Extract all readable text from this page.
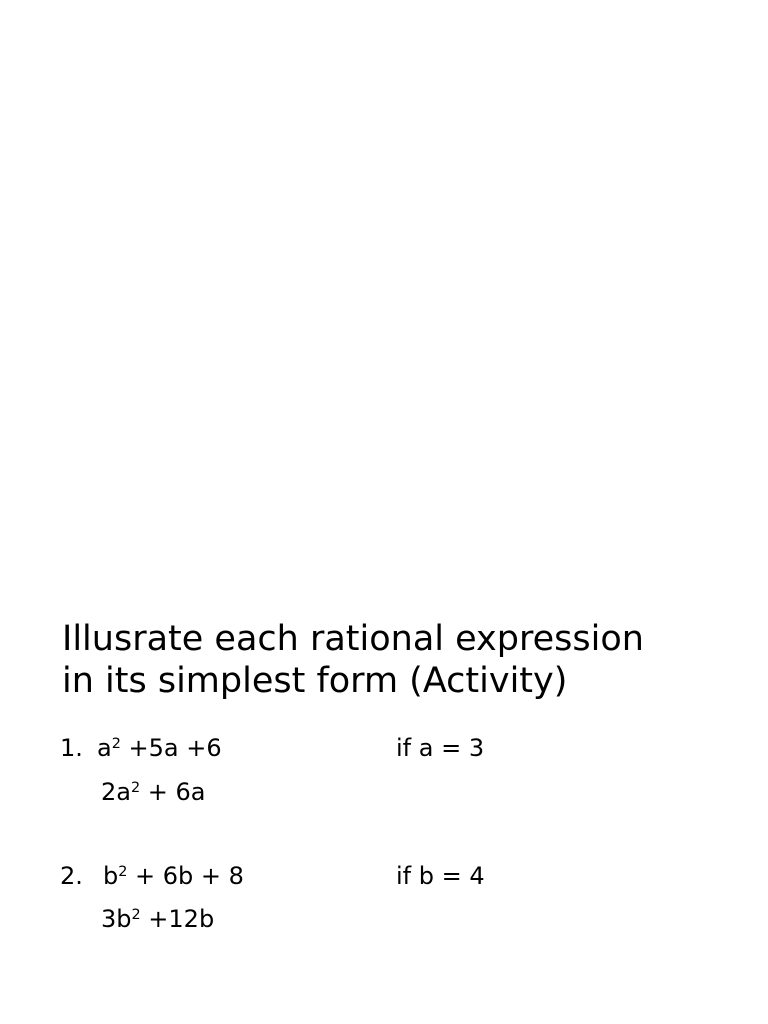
Illusrate each rational expression
in its simplest form (Activity)
1. $a^2 +5a +6$	if a = 3
$2a^2 + 6a$
2. $b^2 + 6b + 8$	if b = 4
$3b^2 +12b$
